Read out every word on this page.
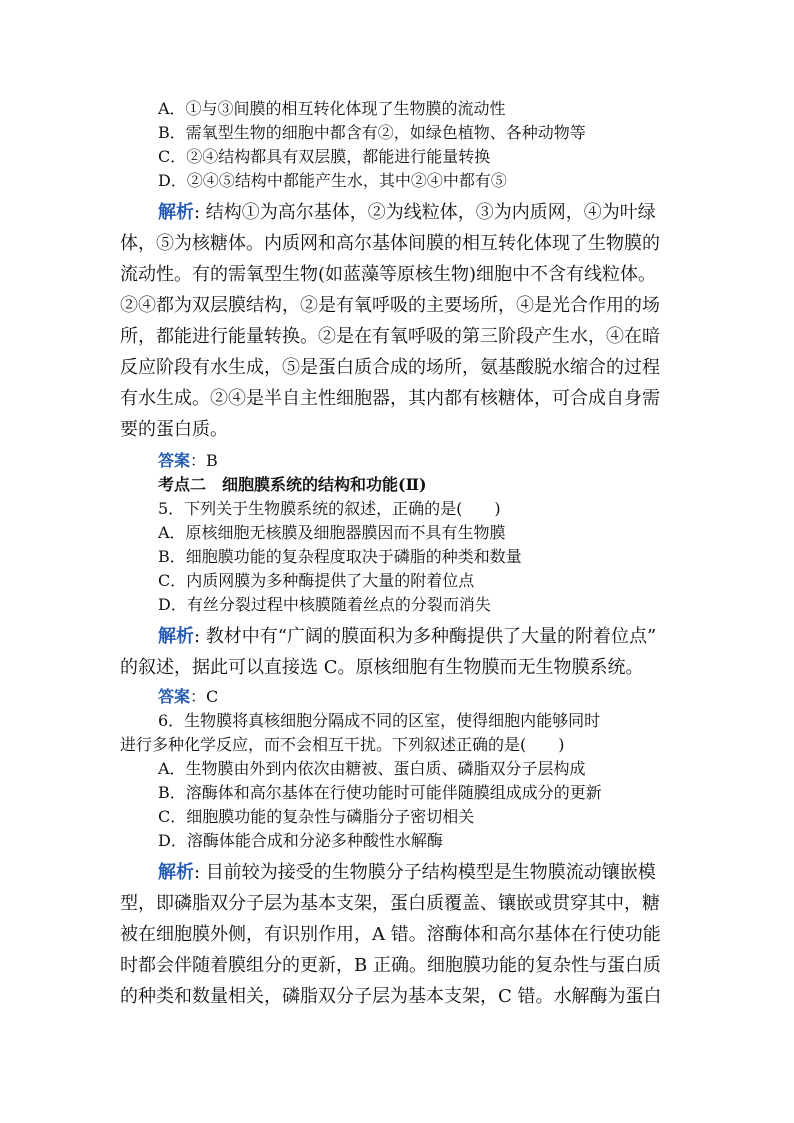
A．①与③间膜的相互转化体现了生物膜的流动性
B．需氧型生物的细胞中都含有②，如绿色植物、各种动物等
C．②④结构都具有双层膜，都能进行能量转换
D．②④⑤结构中都能产生水，其中②④中都有⑤
解析: 结构①为高尔基体，②为线粒体，③为内质网，④为叶绿
体，⑤为核糖体。内质网和高尔基体间膜的相互转化体现了生物膜的
流动性。有的需氧型生物(如蓝藻等原核生物)细胞中不含有线粒体。
②④都为双层膜结构，②是有氧呼吸的主要场所，④是光合作用的场
所，都能进行能量转换。②是在有氧呼吸的第三阶段产生水，④在暗
反应阶段有水生成，⑤是蛋白质合成的场所，氨基酸脱水缩合的过程
有水生成。②④是半自主性细胞器，其内都有核糖体，可合成自身需
要的蛋白质。
答案：B
考点二　细胞膜系统的结构和功能(Ⅱ)
5．下列关于生物膜系统的叙述，正确的是(　　)
A．原核细胞无核膜及细胞器膜因而不具有生物膜
B．细胞膜功能的复杂程度取决于磷脂的种类和数量
C．内质网膜为多种酶提供了大量的附着位点
D．有丝分裂过程中核膜随着丝点的分裂而消失
解析: 教材中有“广阔的膜面积为多种酶提供了大量的附着位点”
的叙述，据此可以直接选 C。原核细胞有生物膜而无生物膜系统。
答案：C
6．生物膜将真核细胞分隔成不同的区室，使得细胞内能够同时
进行多种化学反应，而不会相互干扰。下列叙述正确的是(　　)
A．生物膜由外到内依次由糖被、蛋白质、磷脂双分子层构成
B．溶酶体和高尔基体在行使功能时可能伴随膜组成成分的更新
C．细胞膜功能的复杂性与磷脂分子密切相关
D．溶酶体能合成和分泌多种酸性水解酶
解析: 目前较为接受的生物膜分子结构模型是生物膜流动镶嵌模
型，即磷脂双分子层为基本支架，蛋白质覆盖、镶嵌或贯穿其中，糖
被在细胞膜外侧，有识别作用，A 错。溶酶体和高尔基体在行使功能
时都会伴随着膜组分的更新，B 正确。细胞膜功能的复杂性与蛋白质
的种类和数量相关，磷脂双分子层为基本支架，C 错。水解酶为蛋白
